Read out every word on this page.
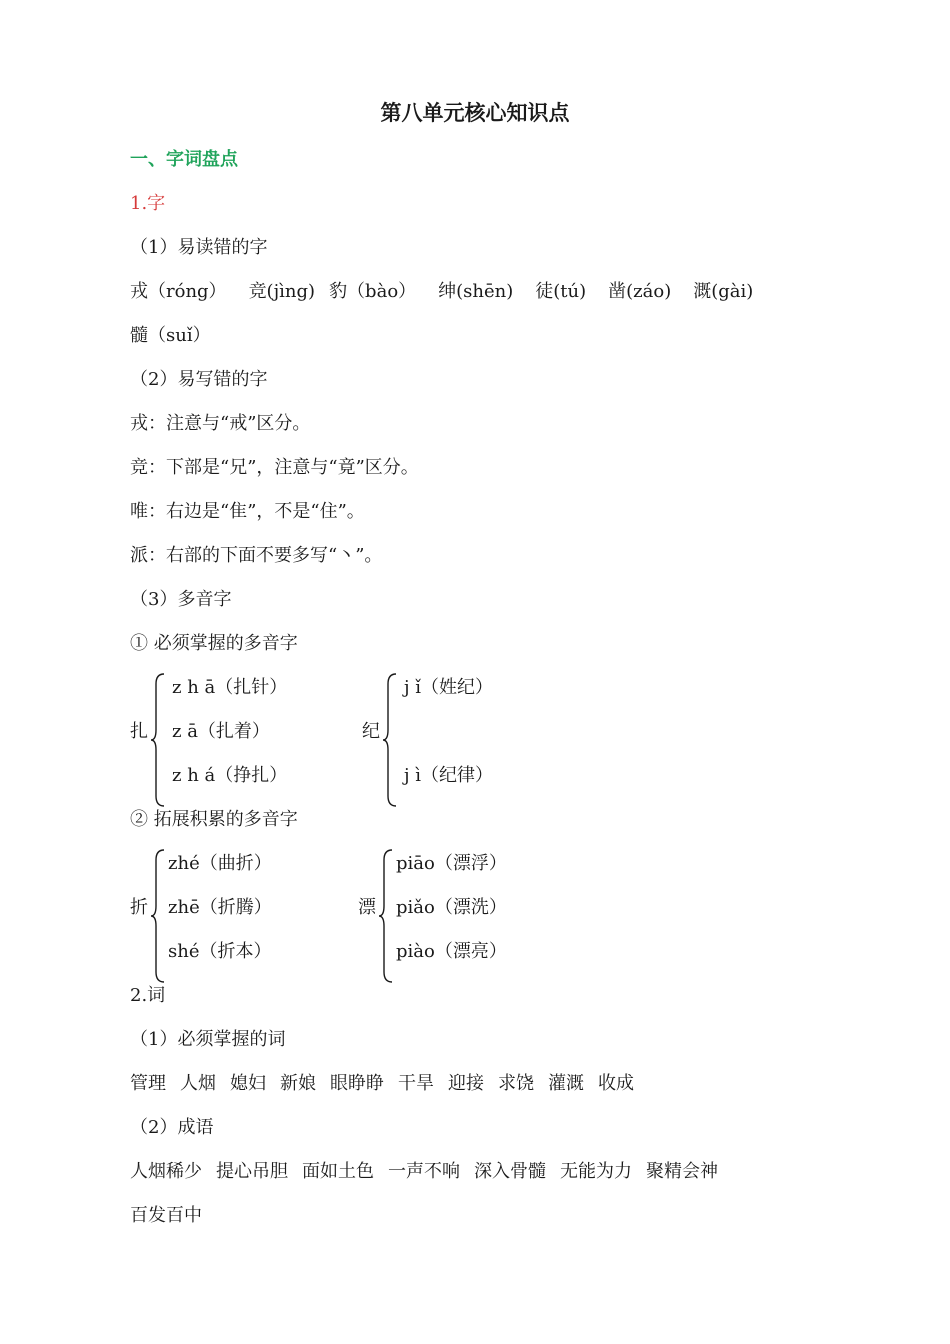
第八单元核心知识点
一、字词盘点
1.字
（1）易读错的字
戎（róng） 竞(jìng) 豹（bào） 绅(shēn) 徒(tú) 凿(záo) 溉(gài)
髓（suǐ）
（2）易写错的字
戎：注意与“戒”区分。
竞：下部是“兄”，注意与“竟”区分。
唯：右边是“隹”，不是“住”。
派：右部的下面不要多写“丶”。
（3）多音字
① 必须掌握的多音字
扎
z h ā（扎针）
z ā（扎着）
z h á（挣扎）
纪
j ǐ（姓纪）
j ì（纪律）
② 拓展积累的多音字
折
zhé（曲折）
zhē（折腾）
shé（折本）
漂
piāo（漂浮）
piǎo（漂洗）
piào（漂亮）
2.词
（1）必须掌握的词
管理 人烟 媳妇 新娘 眼睁睁 干旱 迎接 求饶 灌溉 收成
（2）成语
人烟稀少 提心吊胆 面如土色 一声不响 深入骨髓 无能为力 聚精会神
百发百中
